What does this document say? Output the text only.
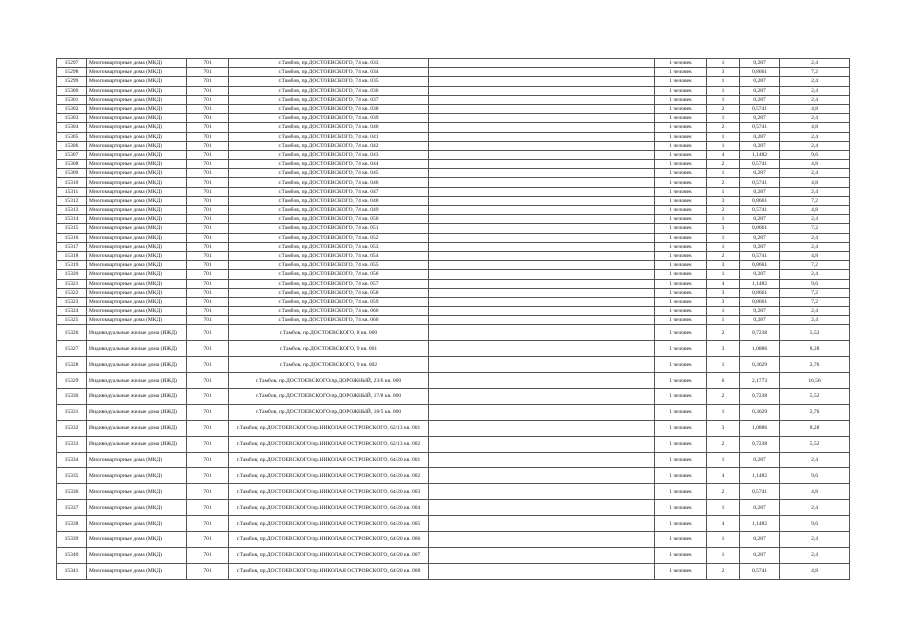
15297	Многоквартирные дома (МКД)	701	г.Тамбов, пр.ДОСТОЕВСКОГО, 74 кв. 033		1 человек	1	0,287	2,4
15298	Многоквартирные дома (МКД)	701	г.Тамбов, пр.ДОСТОЕВСКОГО, 74 кв. 034		1 человек	3	0,8661	7,2
15299	Многоквартирные дома (МКД)	701	г.Тамбов, пр.ДОСТОЕВСКОГО, 74 кв. 035		1 человек	1	0,287	2,4
15300	Многоквартирные дома (МКД)	701	г.Тамбов, пр.ДОСТОЕВСКОГО, 74 кв. 036		1 человек	1	0,287	2,4
15301	Многоквартирные дома (МКД)	701	г.Тамбов, пр.ДОСТОЕВСКОГО, 74 кв. 037		1 человек	1	0,287	2,4
15302	Многоквартирные дома (МКД)	701	г.Тамбов, пр.ДОСТОЕВСКОГО, 74 кв. 038		1 человек	2	0,5741	4,8
15303	Многоквартирные дома (МКД)	701	г.Тамбов, пр.ДОСТОЕВСКОГО, 74 кв. 039		1 человек	1	0,287	2,4
15304	Многоквартирные дома (МКД)	701	г.Тамбов, пр.ДОСТОЕВСКОГО, 74 кв. 040		1 человек	2	0,5741	4,8
15305	Многоквартирные дома (МКД)	701	г.Тамбов, пр.ДОСТОЕВСКОГО, 74 кв. 041		1 человек	1	0,287	2,4
15306	Многоквартирные дома (МКД)	701	г.Тамбов, пр.ДОСТОЕВСКОГО, 74 кв. 042		1 человек	1	0,287	2,4
15307	Многоквартирные дома (МКД)	701	г.Тамбов, пр.ДОСТОЕВСКОГО, 74 кв. 043		1 человек	4	1,1482	9,6
15308	Многоквартирные дома (МКД)	701	г.Тамбов, пр.ДОСТОЕВСКОГО, 74 кв. 044		1 человек	2	0,5741	4,8
15309	Многоквартирные дома (МКД)	701	г.Тамбов, пр.ДОСТОЕВСКОГО, 74 кв. 045		1 человек	1	0,287	2,4
15310	Многоквартирные дома (МКД)	701	г.Тамбов, пр.ДОСТОЕВСКОГО, 74 кв. 046		1 человек	2	0,5741	4,8
15311	Многоквартирные дома (МКД)	701	г.Тамбов, пр.ДОСТОЕВСКОГО, 74 кв. 047		1 человек	1	0,287	2,4
15312	Многоквартирные дома (МКД)	701	г.Тамбов, пр.ДОСТОЕВСКОГО, 74 кв. 048		1 человек	3	0,8661	7,2
15313	Многоквартирные дома (МКД)	701	г.Тамбов, пр.ДОСТОЕВСКОГО, 74 кв. 049		1 человек	2	0,5741	4,8
15314	Многоквартирные дома (МКД)	701	г.Тамбов, пр.ДОСТОЕВСКОГО, 74 кв. 050		1 человек	1	0,287	2,4
15315	Многоквартирные дома (МКД)	701	г.Тамбов, пр.ДОСТОЕВСКОГО, 74 кв. 051		1 человек	3	0,8661	7,2
15316	Многоквартирные дома (МКД)	701	г.Тамбов, пр.ДОСТОЕВСКОГО, 74 кв. 052		1 человек	1	0,287	2,4
15317	Многоквартирные дома (МКД)	701	г.Тамбов, пр.ДОСТОЕВСКОГО, 74 кв. 053		1 человек	1	0,287	2,4
15318	Многоквартирные дома (МКД)	701	г.Тамбов, пр.ДОСТОЕВСКОГО, 74 кв. 054		1 человек	2	0,5741	4,8
15319	Многоквартирные дома (МКД)	701	г.Тамбов, пр.ДОСТОЕВСКОГО, 74 кв. 055		1 человек	3	0,8661	7,2
15320	Многоквартирные дома (МКД)	701	г.Тамбов, пр.ДОСТОЕВСКОГО, 74 кв. 056		1 человек	1	0,287	2,4
15321	Многоквартирные дома (МКД)	701	г.Тамбов, пр.ДОСТОЕВСКОГО, 74 кв. 057		1 человек	4	1,1482	9,6
15322	Многоквартирные дома (МКД)	701	г.Тамбов, пр.ДОСТОЕВСКОГО, 74 кв. 058		1 человек	3	0,8661	7,2
15323	Многоквартирные дома (МКД)	701	г.Тамбов, пр.ДОСТОЕВСКОГО, 74 кв. 059		1 человек	3	0,8661	7,2
15324	Многоквартирные дома (МКД)	701	г.Тамбов, пр.ДОСТОЕВСКОГО, 74 кв. 060		1 человек	1	0,287	2,4
15325	Многоквартирные дома (МКД)	701	г.Тамбов, пр.ДОСТОЕВСКОГО, 74 кв. 060		1 человек	1	0,287	2,4
15326	Индивидуальные жилые дома (ИЖД)	701	г.Тамбов, пр.ДОСТОЕВСКОГО, 8 кв. 000		1 человек	2	0,7238	5,52
15327	Индивидуальные жилые дома (ИЖД)	701	г.Тамбов, пр.ДОСТОЕВСКОГО, 9 кв. 001		1 человек	3	1,0886	8,28
15328	Индивидуальные жилые дома (ИЖД)	701	г.Тамбов, пр.ДОСТОЕВСКОГО, 9 кв. 002		1 человек	1	0,3629	2,76
15329	Индивидуальные жилые дома (ИЖД)	701	г.Тамбов, пр.ДОСТОЕВСКОГО/пр.ДОРОЖНЫЙ, 23/6 кв. 000		1 человек	6	2,1773	16,56
15330	Индивидуальные жилые дома (ИЖД)	701	г.Тамбов, пр.ДОСТОЕВСКОГО/пр.ДОРОЖНЫЙ, 17/8 кв. 000		1 человек	2	0,7238	5,52
15331	Индивидуальные жилые дома (ИЖД)	701	г.Тамбов, пр.ДОСТОЕВСКОГО/пр.ДОРОЖНЫЙ, 18/5 кв. 000		1 человек	1	0,3629	2,76
15332	Индивидуальные жилые дома (ИЖД)	701	г.Тамбов, пр.ДОСТОЕВСКОГО/пр.НИКОЛАЯ ОСТРОВСКОГО, 62/13 кв. 001		1 человек	3	1,0886	8,28
15333	Индивидуальные жилые дома (ИЖД)	701	г.Тамбов, пр.ДОСТОЕВСКОГО/пр.НИКОЛАЯ ОСТРОВСКОГО, 62/13 кв. 002		1 человек	2	0,7238	5,52
15334	Многоквартирные дома (МКД)	701	г.Тамбов, пр.ДОСТОЕВСКОГО/пр.НИКОЛАЯ ОСТРОВСКОГО, 64/20 кв. 001		1 человек	1	0,287	2,4
15335	Многоквартирные дома (МКД)	701	г.Тамбов, пр.ДОСТОЕВСКОГО/пр.НИКОЛАЯ ОСТРОВСКОГО, 64/20 кв. 002		1 человек	4	1,1482	9,6
15336	Многоквартирные дома (МКД)	701	г.Тамбов, пр.ДОСТОЕВСКОГО/пр.НИКОЛАЯ ОСТРОВСКОГО, 64/20 кв. 003		1 человек	2	0,5741	4,8
15337	Многоквартирные дома (МКД)	701	г.Тамбов, пр.ДОСТОЕВСКОГО/пр.НИКОЛАЯ ОСТРОВСКОГО, 64/20 кв. 004		1 человек	1	0,287	2,4
15338	Многоквартирные дома (МКД)	701	г.Тамбов, пр.ДОСТОЕВСКОГО/пр.НИКОЛАЯ ОСТРОВСКОГО, 64/20 кв. 005		1 человек	4	1,1482	9,6
15339	Многоквартирные дома (МКД)	701	г.Тамбов, пр.ДОСТОЕВСКОГО/пр.НИКОЛАЯ ОСТРОВСКОГО, 64/20 кв. 006		1 человек	1	0,287	2,4
15340	Многоквартирные дома (МКД)	701	г.Тамбов, пр.ДОСТОЕВСКОГО/пр.НИКОЛАЯ ОСТРОВСКОГО, 64/20 кв. 007		1 человек	1	0,287	2,4
15341	Многоквартирные дома (МКД)	701	г.Тамбов, пр.ДОСТОЕВСКОГО/пр.НИКОЛАЯ ОСТРОВСКОГО, 64/20 кв. 008		1 человек	2	0,5741	4,8
